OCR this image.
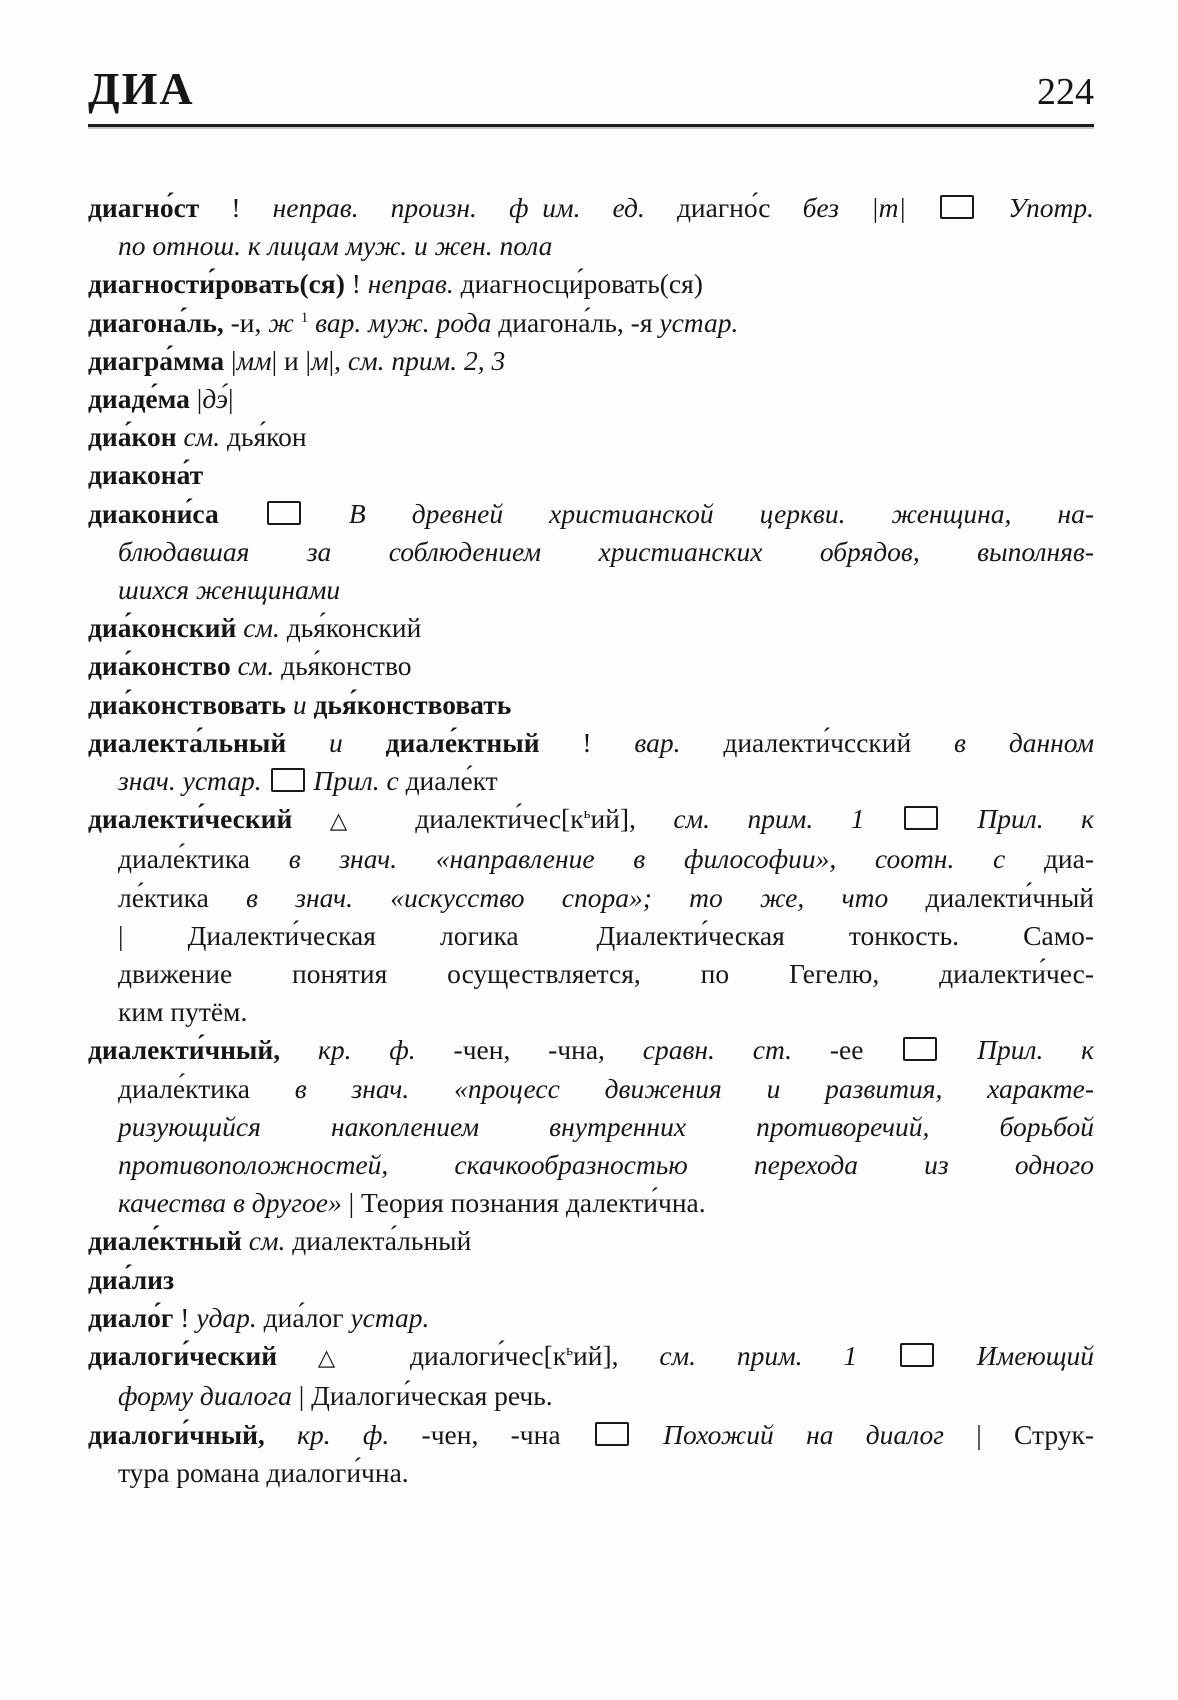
ДИА	224
диагно́ст ! неправ. произн. ф им. ед. диагно́с без |т|  Употр.
по отнош. к лицам муж. и жен. пола
диагности́ровать(ся) ! неправ. диагносци́ровать(ся)
диагона́ль, -и, ж $^1$ вар. муж. рода диагона́ль, -я устар.
диагра́мма |мм| и |м|, см. прим. 2, 3
диаде́ма |дэ́|
диа́кон см. дья́кон
диакона́т
диакони́са	В древней христианской церкви. женщина, на-
блюдавшая за соблюдением христианских обрядов, выполняв-
шихся женщинами
диа́конский см. дья́конский
диа́конство см. дья́конство
диа́конствовать и дья́конствовать
диалекта́льный и диале́ктный ! вар. диалекти́чсский в данном
знач. устар.  Прил. с диале́кт
диалекти́ческий △ $диалекти́чес[к^ьий]$, см. прим. 1	Прил. к
диале́ктика в знач. «направление в философии», соотн. с диа-
ле́ктика в знач. «искусство спора»; то же, что диалекти́чный
| Диалекти́ческая логика  Диалекти́ческая тонкость. Само-
движение понятия осуществляется, по Гегелю, диалекти́чес-
ким путём.
диалекти́чный, кр. ф. -чен, -чна, сравн. ст. -ее	Прил. к
диале́ктика в знач. «процесс движения и развития, характе-
ризующийся накоплением внутренних противоречий, борьбой
противоположностей, скачкообразностью перехода из одного
качества в другое» | Теория познания далекти́чна.
диале́ктный см. диалекта́льный
диа́лиз
диало́г ! удар. диа́лог устар.
диалоги́ческий △ $диалоги́чес[к^ьий]$, см. прим. 1	Имеющий
форму диалога | Диалоги́ческая речь.
диалоги́чный, кр. ф. -чен, -чна	Похожий на диалог | Струк-
тура романа диалоги́чна.
